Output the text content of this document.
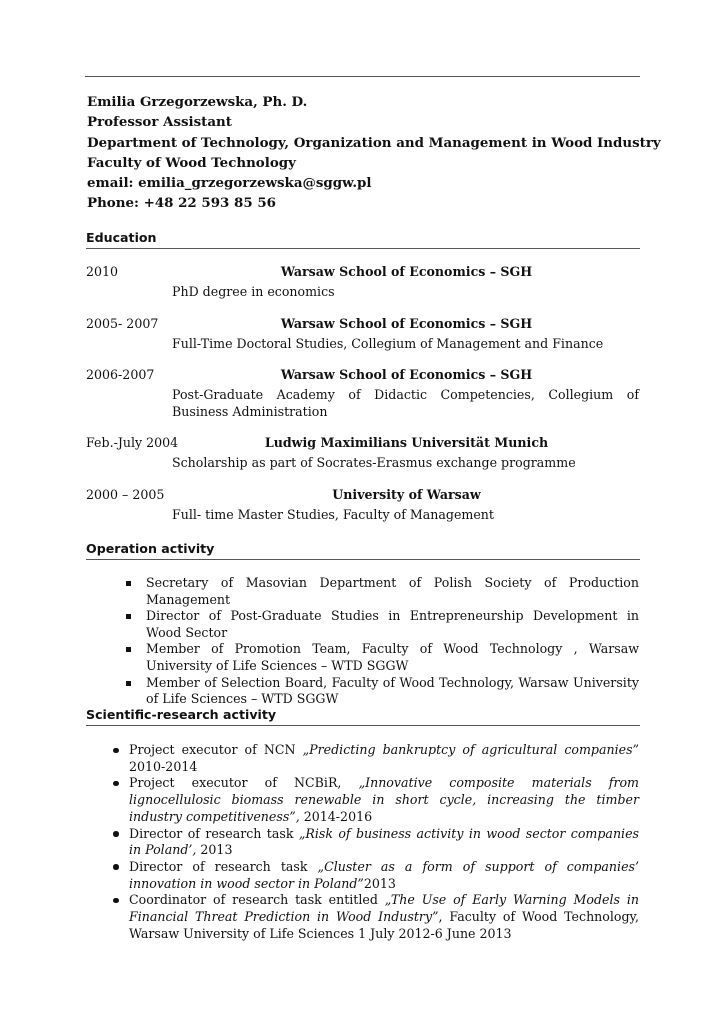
Emilia Grzegorzewska, Ph. D.
Professor Assistant
Department of Technology, Organization and Management in Wood Industry
Faculty of Wood Technology
email: emilia_grzegorzewska@sggw.pl
Phone: +48 22 593 85 56
Education
2010	Warsaw School of Economics – SGH
PhD degree in economics
2005- 2007	Warsaw School of Economics – SGH
Full-Time Doctoral Studies, Collegium of Management and Finance
2006-2007	Warsaw School of Economics – SGH
Post-Graduate Academy of Didactic Competencies, Collegium of Business Administration
Feb.-July 2004	Ludwig Maximilians Universität Munich
Scholarship as part of Socrates-Erasmus exchange programme
2000 – 2005	University of Warsaw
Full- time Master Studies, Faculty of Management
Operation activity
Secretary of Masovian Department of Polish Society of Production Management
Director of Post-Graduate Studies in Entrepreneurship Development in Wood Sector
Member of Promotion Team, Faculty of Wood Technology , Warsaw University of Life Sciences – WTD SGGW
Member of Selection Board, Faculty of Wood Technology, Warsaw University of Life Sciences – WTD SGGW
Scientific-research activity
Project executor of NCN „Predicting bankruptcy of agricultural companies” 2010-2014
Project executor of NCBiR, „Innovative composite materials from lignocellulosic biomass renewable in short cycle, increasing the timber industry competitiveness”, 2014-2016
Director of research task „Risk of business activity in wood sector companies in Poland’, 2013
Director of research task „Cluster as a form of support of companies’ innovation in wood sector in Poland”2013
Coordinator of research task entitled „The Use of Early Warning Models in Financial Threat Prediction in Wood Industry”, Faculty of Wood Technology, Warsaw University of Life Sciences 1 July 2012-6 June 2013
